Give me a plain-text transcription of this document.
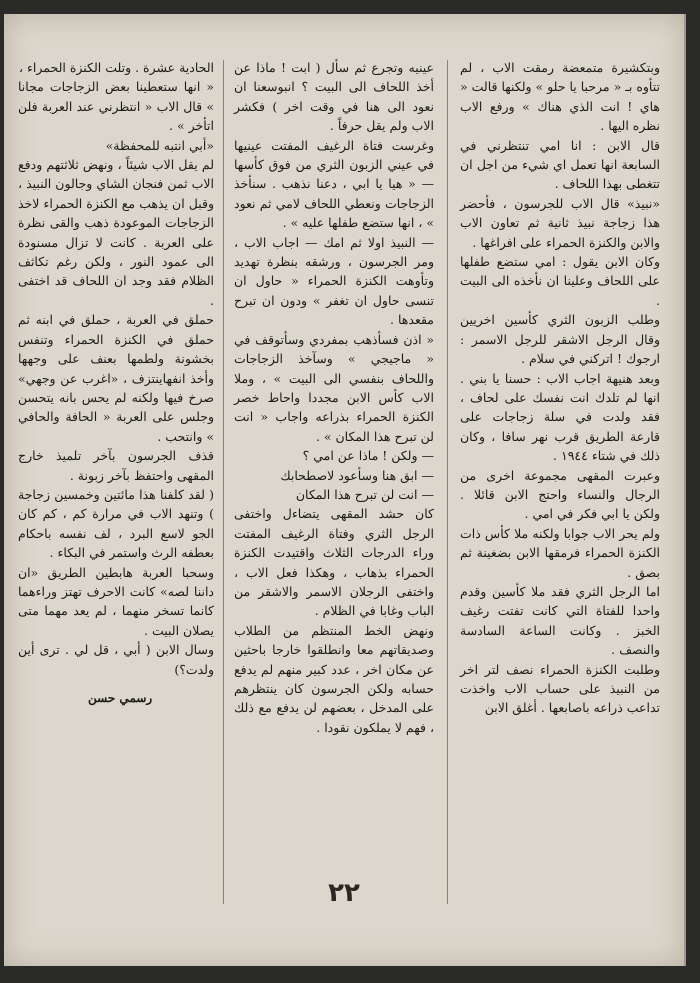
وبتكشيرة متمعضة رمقت الاب ، لم تتأوه بـ « مرحبا يا حلو » ولكنها قالت « هاي ! انت الذي هناك » ورفع الاب نظره اليها .

قال الابن : انا امي تنتظرني في السابعة انها تعمل اي شيء من اجل ان تتغطى بهذا اللحاف .

«نبيذ» قال الاب للجرسون ، فأحضر هذا زجاجة نبيذ ثانية ثم تعاون الاب والابن والكنزة الحمراء على افراغها .

وكان الابن يقول : امي ستضع طفلها على اللحاف وعلينا ان نأخذه الى البيت .

وطلب الزبون الثري كأسين اخريين وقال الرجل الاشقر للرجل الاسمر : ارجوك ! اتركني في سلام .

وبعد هنيهة اجاب الاب : حسنا يا بني . انها لم تلدك انت نفسك على لحاف ، فقد ولدت في سلة زجاجات على قارعة الطريق قرب نهر سافا ، وكان ذلك في شتاء ١٩٤٤ .

وعبرت المقهى مجموعة اخرى من الرجال والنساء واحتج الابن قائلا . ولكن يا ابي فكر في امي .

ولم يحر الاب جوابا ولكنه ملا كأس ذات الكنزة الحمراء فرمقها الابن بضغينة ثم بصق .

اما الرجل الثري فقد ملا كأسين وقدم واحدا للفتاة التي كانت تفتت رغيف الخبز . وكانت الساعة السادسة والنصف .

وطلبت الكنزة الحمراء نصف لتر اخر من النبيذ على حساب الاب واخذت تداعب ذراعه باصابعها . أغلق الابن

عينيه وتجرع ثم سأل ( ابت ! ماذا عن أخذ اللحاف الى البيت ؟ انبوسعنا ان نعود الى هنا في وقت اخر ) فكشر الاب ولم يقل حرفاً .

وغرست فتاة الرغيف المفتت عينيها في عيني الزبون الثري من فوق كأسها — « هيا يا ابي ، دعنا نذهب . سنأخذ الزجاجات ونعطي اللحاف لامي ثم نعود » ، انها ستضع طفلها عليه » .

— النبيذ اولا ثم امك — اجاب الاب ، ومر الجرسون ، ورشقه بنظرة تهديد وتأوهت الكنزة الحمراء « حاول ان تنسى حاول ان تغفر » ودون ان تبرح مقعدها .

« اذن فسأذهب بمفردي وسأتوقف في « ماجيجي » وسآخذ الزجاجات واللحاف بنفسي الى البيت » ، وملا الاب كأس الابن مجددا واحاط خصر الكنزة الحمراء بذراعه واجاب « انت لن تبرح هذا المكان » .

— ولكن ! ماذا عن امي ؟

— ابق هنا وسأعود لاصطحابك

— انت لن تبرح هذا المكان

كان حشد المقهى يتضاءل واختفى الرجل الثري وفتاة الرغيف المفتت وراء الدرجات الثلاث واقتيدت الكنزة الحمراء بذهاب ، وهكذا فعل الاب ، واختفى الرجلان الاسمر والاشقر من الباب وغابا في الظلام .

ونهض الخط المنتظم من الطلاب وصديقاتهم معا وانطلقوا خارجا باحثين عن مكان اخر ، عدد كبير منهم لم يدفع حسابه ولكن الجرسون كان ينتظرهم على المدخل ، بعضهم لن يدفع مع ذلك ، فهم لا يملكون نقودا .

الحادية عشرة . وتلت الكنزة الحمراء ،

« انها ستعطينا بعض الزجاجات مجانا » قال الاب « انتظرني عند العربة فلن اتأخر » .

«أبي انتبه للمحفظة»

لم يقل الاب شيئاً ، ونهض ثلاثتهم ودفع الاب ثمن فنجان الشاي وجالون النبيذ ، وقبل ان يذهب مع الكنزة الحمراء لاخذ الزجاجات الموعودة ذهب والقى نظرة على العربة . كانت لا تزال مسنودة الى عمود النور ، ولكن رغم تكاثف الظلام فقد وجد ان اللحاف قد اختفى .

حملق في العربة ، حملق في ابنه ثم حملق في الكنزة الحمراء وتنفس بخشونة ولطمها بعنف على وجهها وأخذ انفهاينتزف ، «اغرب عن وجهي» صرخ فيها ولكنه لم يحس بانه يتحسن وجلس على العربة « الحافة والحافي » وانتحب .

قذف الجرسون بآخر تلميذ خارج المقهى واحتفظ بآخر زبونة .

( لقد كلفنا هذا مائتين وخمسين زجاجة ) وتنهد الاب في مرارة كم ، كم كان الجو لاسع البرد ، لف نفسه باحكام بعطفه الرث واستمر في البكاء .

وسحبا العربة هابطين الطريق «ان داننا لصه» كانت الاحرف تهتز وراءهما كانما تسخر منهما ، لم يعد مهما متى يصلان البيت .

وسال الابن ( أبي ، قل لي . ترى أين ولدت؟)

رسمي حسن
٢٢
